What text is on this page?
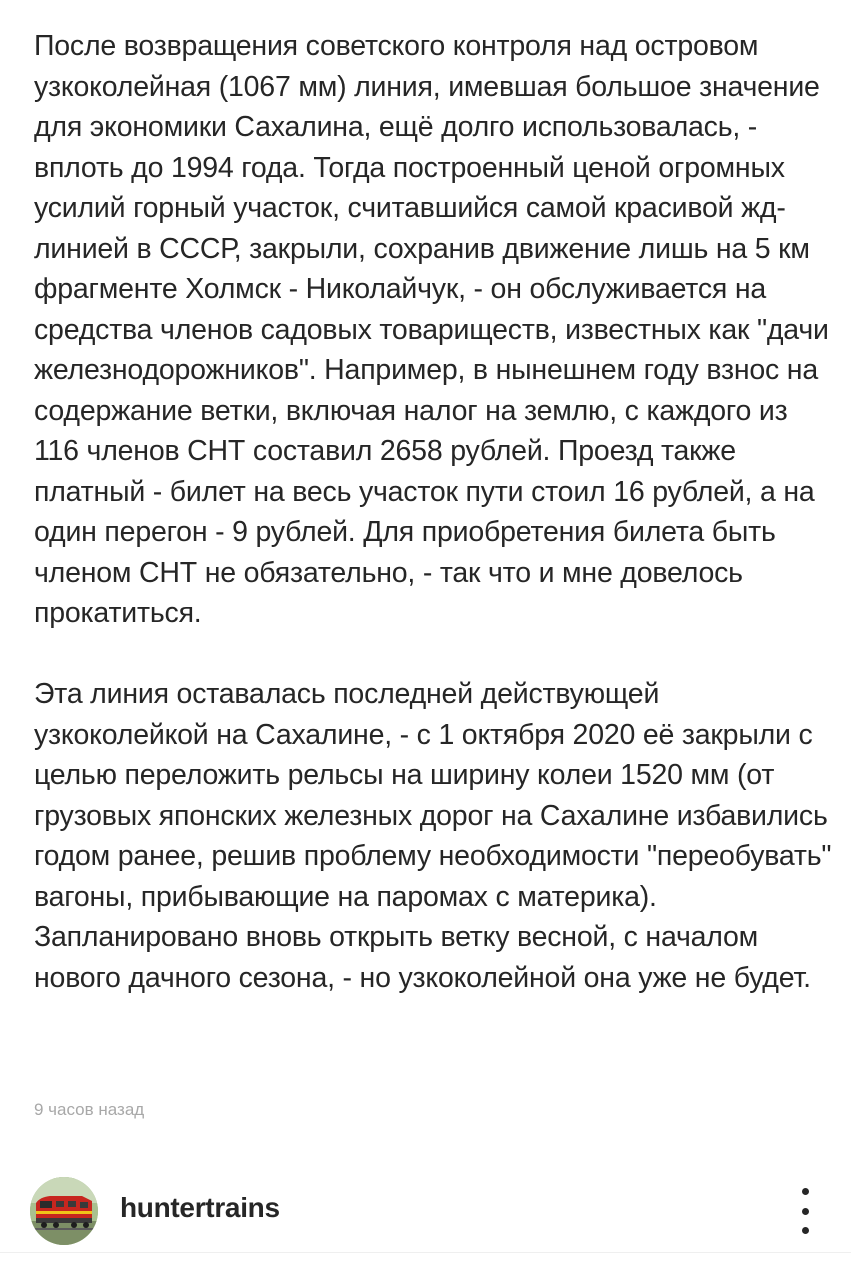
После возвращения советского контроля над островом узкоколейная (1067 мм) линия, имевшая большое значение для экономики Сахалина, ещё долго использовалась, - вплоть до 1994 года. Тогда построенный ценой огромных усилий горный участок, считавшийся самой красивой жд-линией в СССР, закрыли, сохранив движение лишь на 5 км фрагменте Холмск - Николайчук, - он обслуживается на средства членов садовых товариществ, известных как "дачи железнодорожников". Например, в нынешнем году взнос на содержание ветки, включая налог на землю, с каждого из 116 членов СНТ составил 2658 рублей. Проезд также платный - билет на весь участок пути стоил 16 рублей, а на один перегон - 9 рублей. Для приобретения билета быть членом СНТ не обязательно, - так что и мне довелось прокатиться.

Эта линия оставалась последней действующей узкоколейкой на Сахалине, - с 1 октября 2020 её закрыли с целью переложить рельсы на ширину колеи 1520 мм (от грузовых японских железных дорог на Сахалине избавились годом ранее, решив проблему необходимости "переобувать" вагоны, прибывающие на паромах с материка). Запланировано вновь открыть ветку весной, с началом нового дачного сезона, - но узкоколейной она уже не будет.

9 часов назад
huntertrains
